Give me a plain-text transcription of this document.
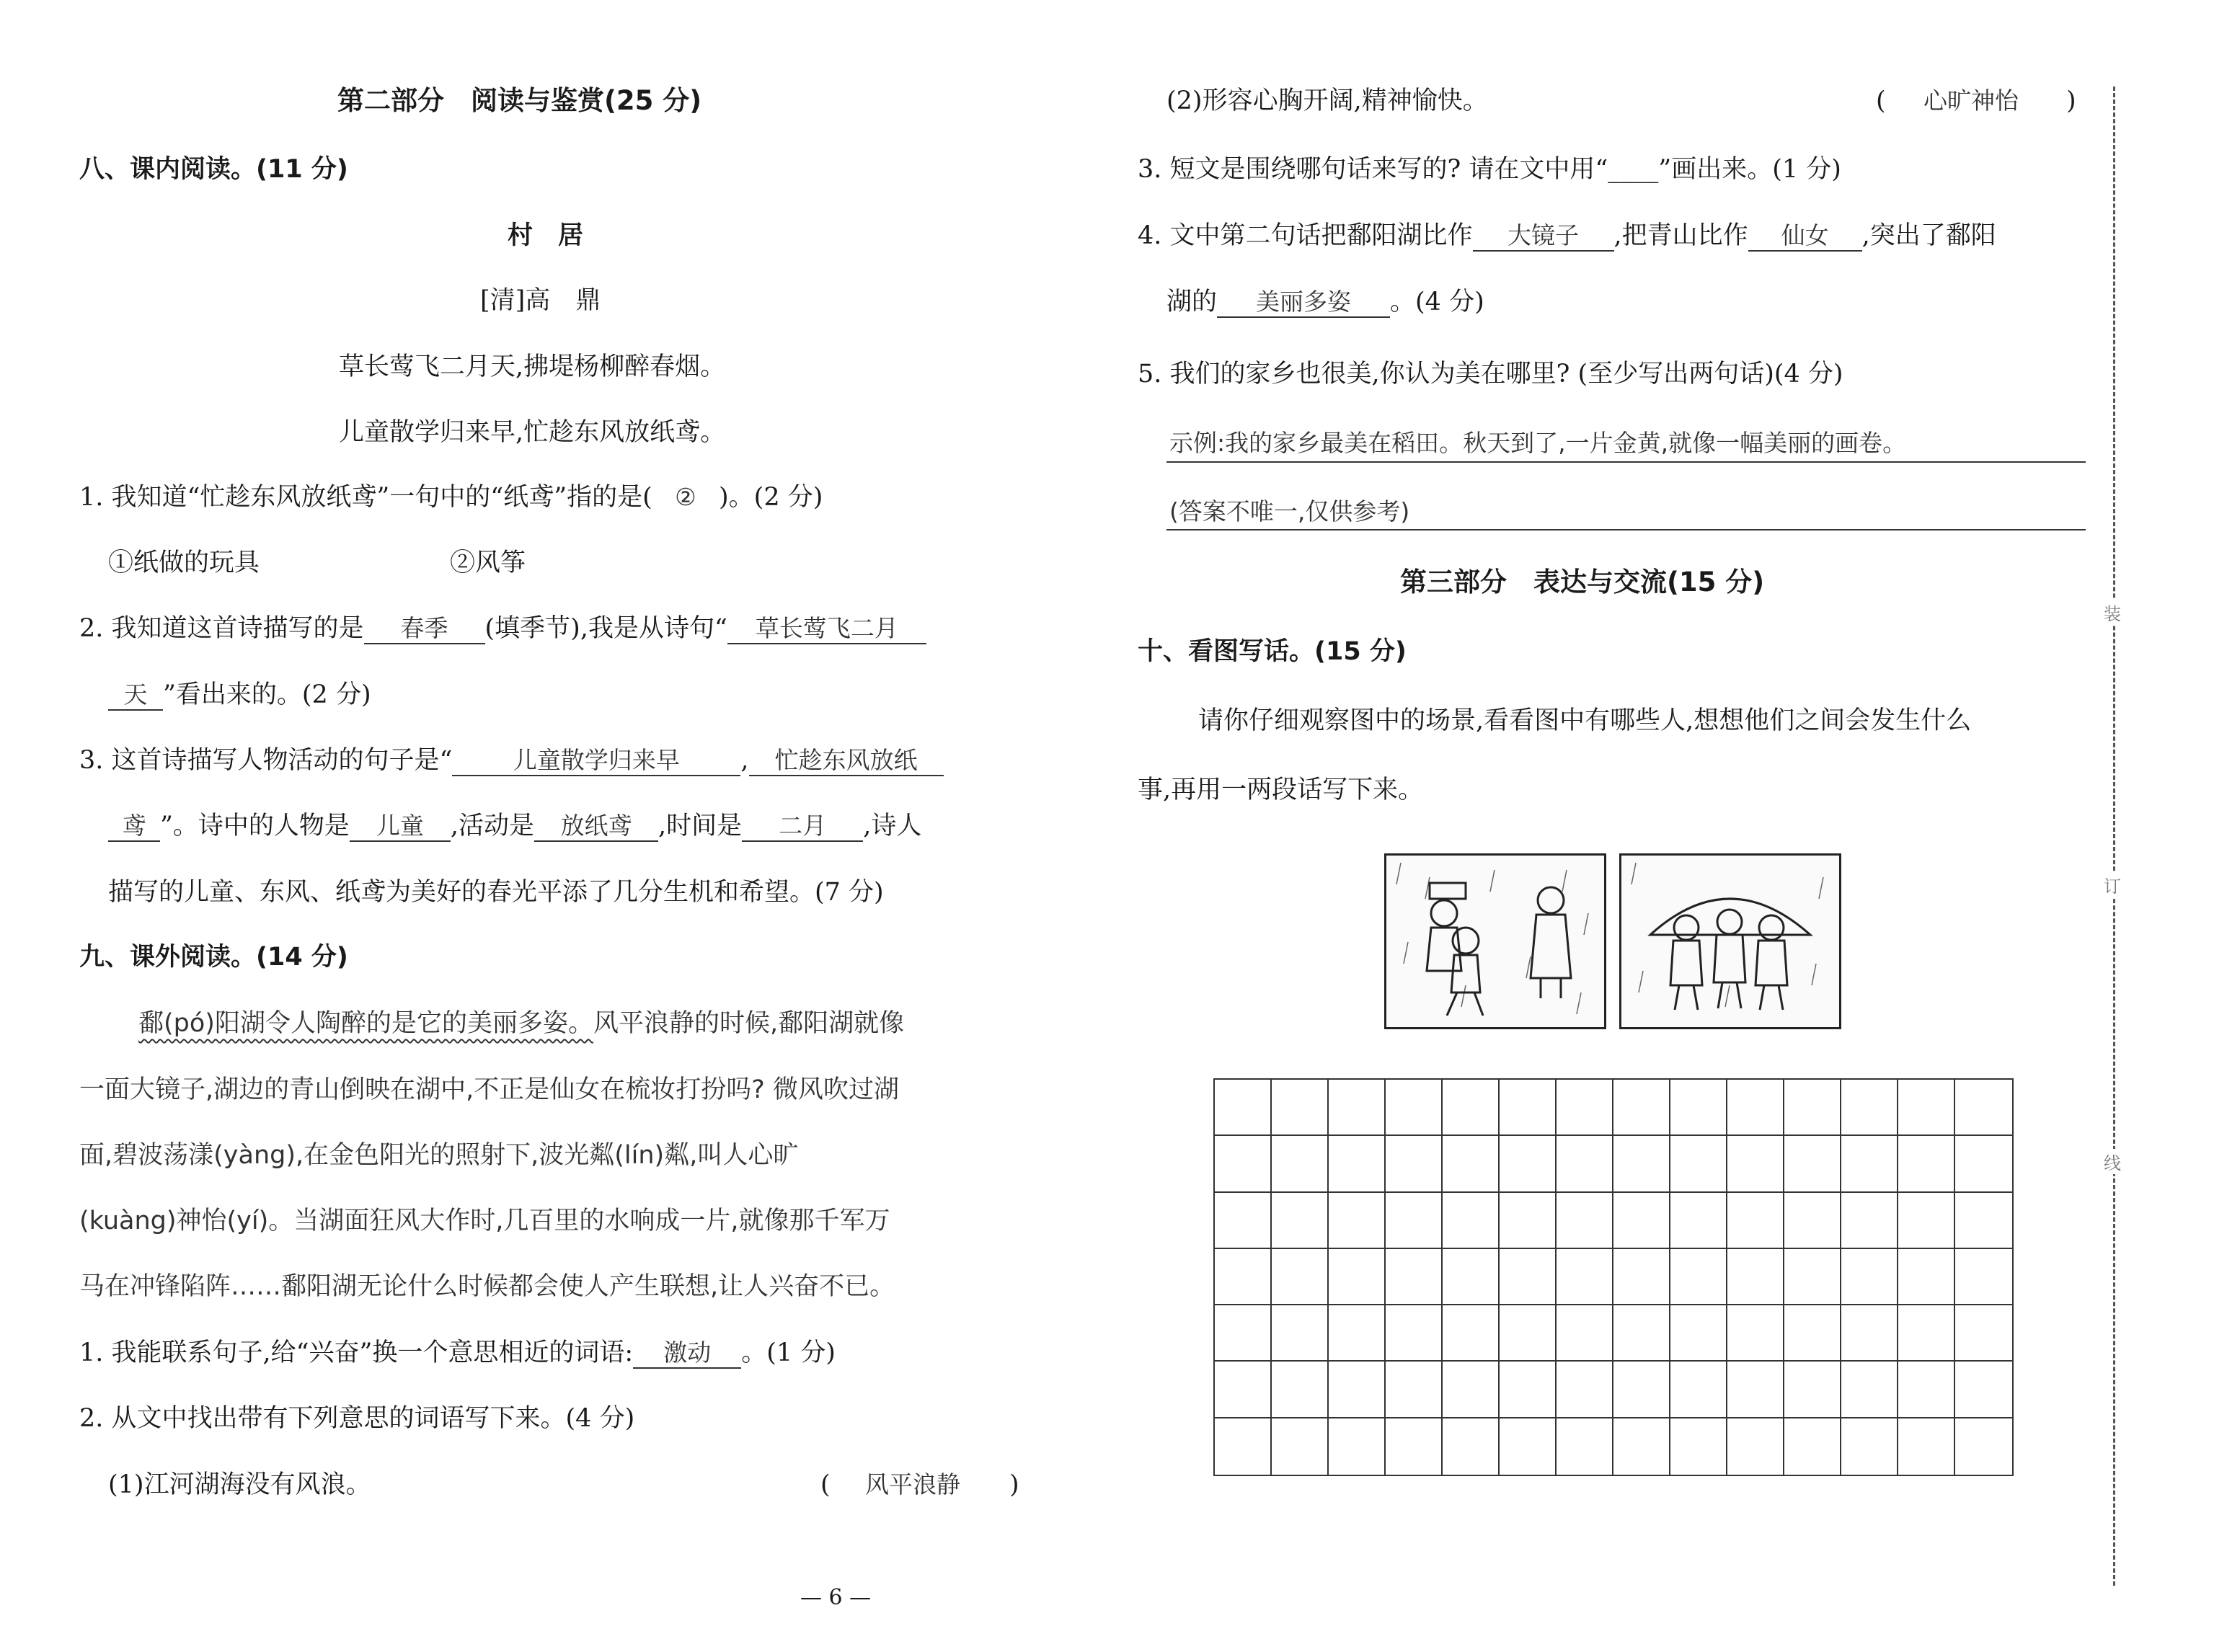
第二部分　阅读与鉴赏(25 分)
八、课内阅读。(11 分)
村　居
[清]高　鼎
草长莺飞二月天,拂堤杨柳醉春烟。
儿童散学归来早,忙趁东风放纸鸢。
1. 我知道“忙趁东风放纸鸢”一句中的“纸鸢”指的是( ② )。(2 分)
①纸做的玩具	②风筝
2. 我知道这首诗描写的是 春季 (填季节),我是从诗句“ 草长莺飞二月
天 ”看出来的。(2 分)
3. 这首诗描写人物活动的句子是“	儿童散学归来早 , 忙趁东风放纸
鸢 ”。诗中的人物是 儿童 ,活动是 放纸鸢 ,时间是 二月 ,诗人
描写的儿童、东风、纸鸢为美好的春光平添了几分生机和希望。(7 分)
九、课外阅读。(14 分)
鄱(pó)阳湖令人陶醉的是它的美丽多姿。风平浪静的时候,鄱阳湖就像
一面大镜子,湖边的青山倒映在湖中,不正是仙女在梳妆打扮吗? 微风吹过湖
面,碧波荡漾(yàng),在金色阳光的照射下,波光粼(lín)粼,叫人心旷
(kuàng)神怡(yí)。当湖面狂风大作时,几百里的水响成一片,就像那千军万
马在冲锋陷阵……鄱阳湖无论什么时候都会使人产生联想,让人兴奋不已。
1. 我能联系句子,给“兴奋”换一个意思相近的词语: 激动 。(1 分)
2. 从文中找出带有下列意思的词语写下来。(4 分)
(1)江河湖海没有风浪。	( 风平浪静 )
— 6 —
(2)形容心胸开阔,精神愉快。	( 心旷神怡 )
3. 短文是围绕哪句话来写的? 请在文中用“____”画出来。(1 分)
4. 文中第二句话把鄱阳湖比作 大镜子 ,把青山比作 仙女 ,突出了鄱阳
湖的 美丽多姿 。(4 分)
5. 我们的家乡也很美,你认为美在哪里? (至少写出两句话)(4 分)
示例:我的家乡最美在稻田。秋天到了,一片金黄,就像一幅美丽的画卷。
(答案不唯一,仅供参考)
第三部分　表达与交流(15 分)
十、看图写话。(15 分)
请你仔细观察图中的场景,看看图中有哪些人,想想他们之间会发生什么
事,再用一两段话写下来。
装
订
线
